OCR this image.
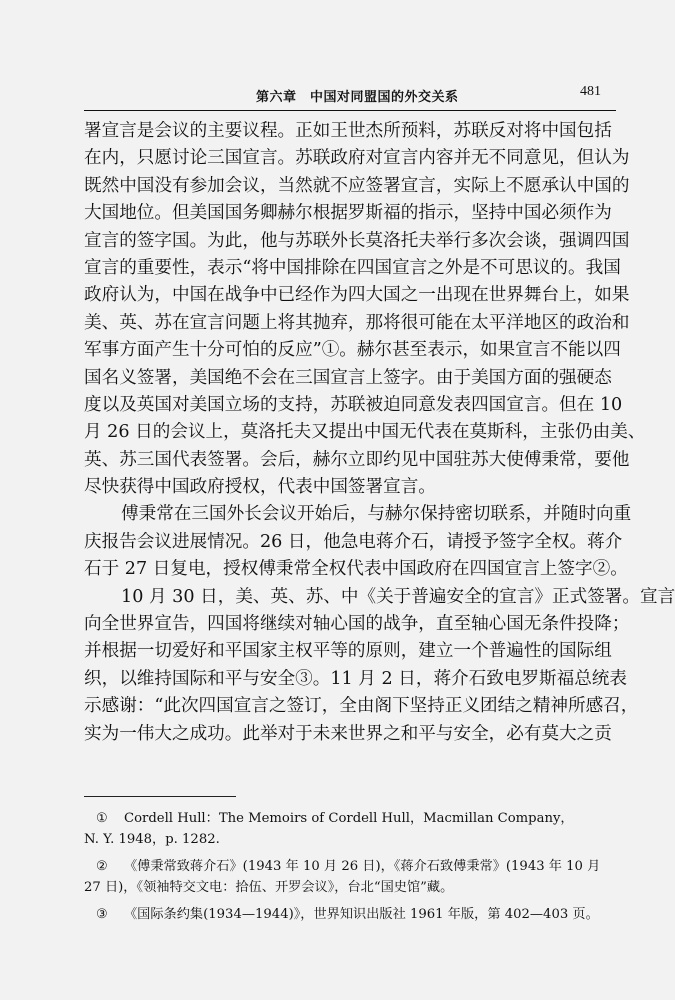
第六章　中国对同盟国的外交关系	481
署宣言是会议的主要议程。正如王世杰所预料，苏联反对将中国包括
在内，只愿讨论三国宣言。苏联政府对宣言内容并无不同意见，但认为
既然中国没有参加会议，当然就不应签署宣言，实际上不愿承认中国的
大国地位。但美国国务卿赫尔根据罗斯福的指示，坚持中国必须作为
宣言的签字国。为此，他与苏联外长莫洛托夫举行多次会谈，强调四国
宣言的重要性，表示“将中国排除在四国宣言之外是不可思议的。我国
政府认为，中国在战争中已经作为四大国之一出现在世界舞台上，如果
美、英、苏在宣言问题上将其抛弃，那将很可能在太平洋地区的政治和
军事方面产生十分可怕的反应”①。赫尔甚至表示，如果宣言不能以四
国名义签署，美国绝不会在三国宣言上签字。由于美国方面的强硬态
度以及英国对美国立场的支持，苏联被迫同意发表四国宣言。但在 10
月 26 日的会议上，莫洛托夫又提出中国无代表在莫斯科，主张仍由美、
英、苏三国代表签署。会后，赫尔立即约见中国驻苏大使傅秉常，要他
尽快获得中国政府授权，代表中国签署宣言。
傅秉常在三国外长会议开始后，与赫尔保持密切联系，并随时向重
庆报告会议进展情况。26 日，他急电蒋介石，请授予签字全权。蒋介
石于 27 日复电，授权傅秉常全权代表中国政府在四国宣言上签字②。
10 月 30 日，美、英、苏、中《关于普遍安全的宣言》正式签署。宣言
向全世界宣告，四国将继续对轴心国的战争，直至轴心国无条件投降；
并根据一切爱好和平国家主权平等的原则，建立一个普遍性的国际组
织，以维持国际和平与安全③。11 月 2 日，蒋介石致电罗斯福总统表
示感谢：“此次四国宣言之签订，全由阁下坚持正义团结之精神所感召，
实为一伟大之成功。此举对于未来世界之和平与安全，必有莫大之贡
① Cordell Hull：The Memoirs of Cordell Hull，Macmillan Company，
N. Y. 1948，p. 1282.
② 《傅秉常致蒋介石》(1943 年 10 月 26 日)，《蒋介石致傅秉常》(1943 年 10 月
27 日)，《领袖特交文电：拾伍、开罗会议》，台北“国史馆”藏。
③ 《国际条约集(1934—1944)》，世界知识出版社 1961 年版，第 402—403 页。
